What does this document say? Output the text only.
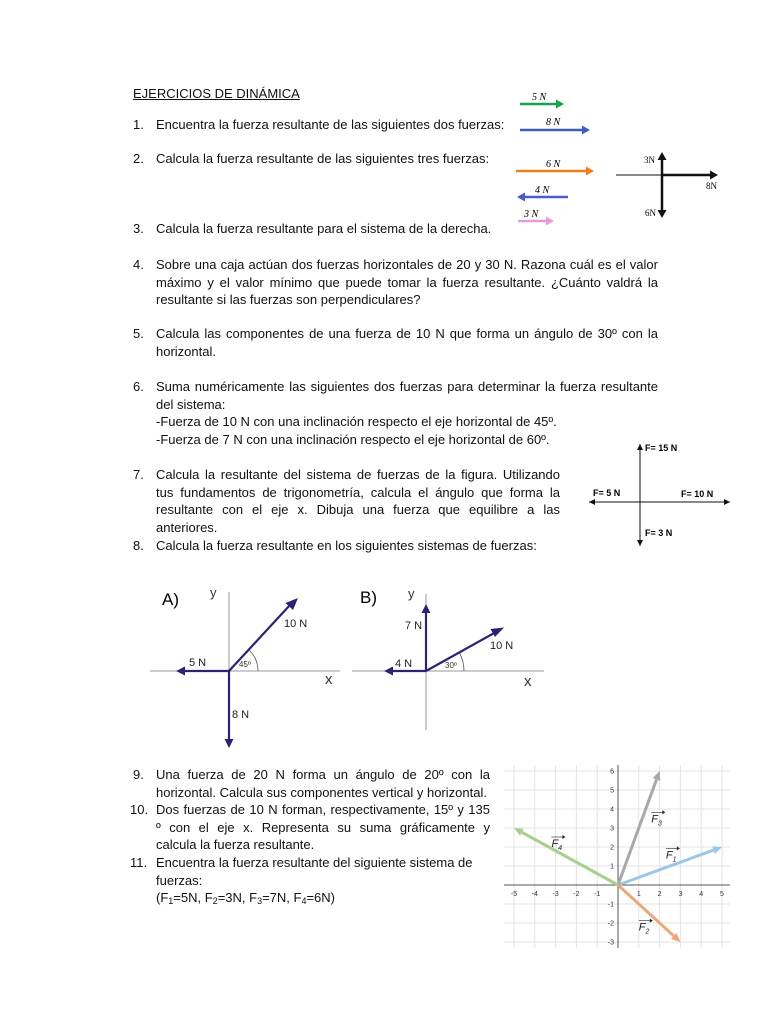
EJERCICIOS DE DINÁMICA
1. Encuentra la fuerza resultante de las siguientes dos fuerzas:
2. Calcula la fuerza resultante de las siguientes tres fuerzas:
3. Calcula la fuerza resultante para el sistema de la derecha.
4. Sobre una caja actúan dos fuerzas horizontales de 20 y 30 N. Razona cuál es el valor máximo y el valor mínimo que puede tomar la fuerza resultante. ¿Cuánto valdrá la resultante si las fuerzas son perpendiculares?
5. Calcula las componentes de una fuerza de 10 N que forma un ángulo de 30º con la horizontal.
6. Suma numéricamente las siguientes dos fuerzas para determinar la fuerza resultante del sistema:
-Fuerza de 10 N con una inclinación respecto el eje horizontal de 45º.
-Fuerza de 7 N con una inclinación respecto el eje horizontal de 60º.
7. Calcula la resultante del sistema de fuerzas de la figura. Utilizando tus fundamentos de trigonometría, calcula el ángulo que forma la resultante con el eje x. Dibuja una fuerza que equilibre a las anteriores.
8. Calcula la fuerza resultante en los siguientes sistemas de fuerzas:
9. Una fuerza de 20 N forma un ángulo de 20º con la horizontal. Calcula sus componentes vertical y horizontal.
10. Dos fuerzas de 10 N forman, respectivamente, 15º y 135 º con el eje x. Representa su suma gráficamente y calcula la fuerza resultante.
11. Encuentra la fuerza resultante del siguiente sistema de fuerzas:
($F_1=5N$, $F_2=3N$, $F_3=7N$, $F_4=6N$)
5 N
8 N
6 N
4 N
3 N
3N
8N
6N
F= 15 N
F= 5 N	F= 10 N
F= 3 N
A) y
x
45º
10 N
5 N
8 N
B) y
x
30º
10 N
4 N
7 N
-5 -4 -3 -2 -1	1 2 3 4 5
6
5
4
3
2
1
-1
-2
-3
$F_1$
$F_2$
$F_3$
$F_4$
